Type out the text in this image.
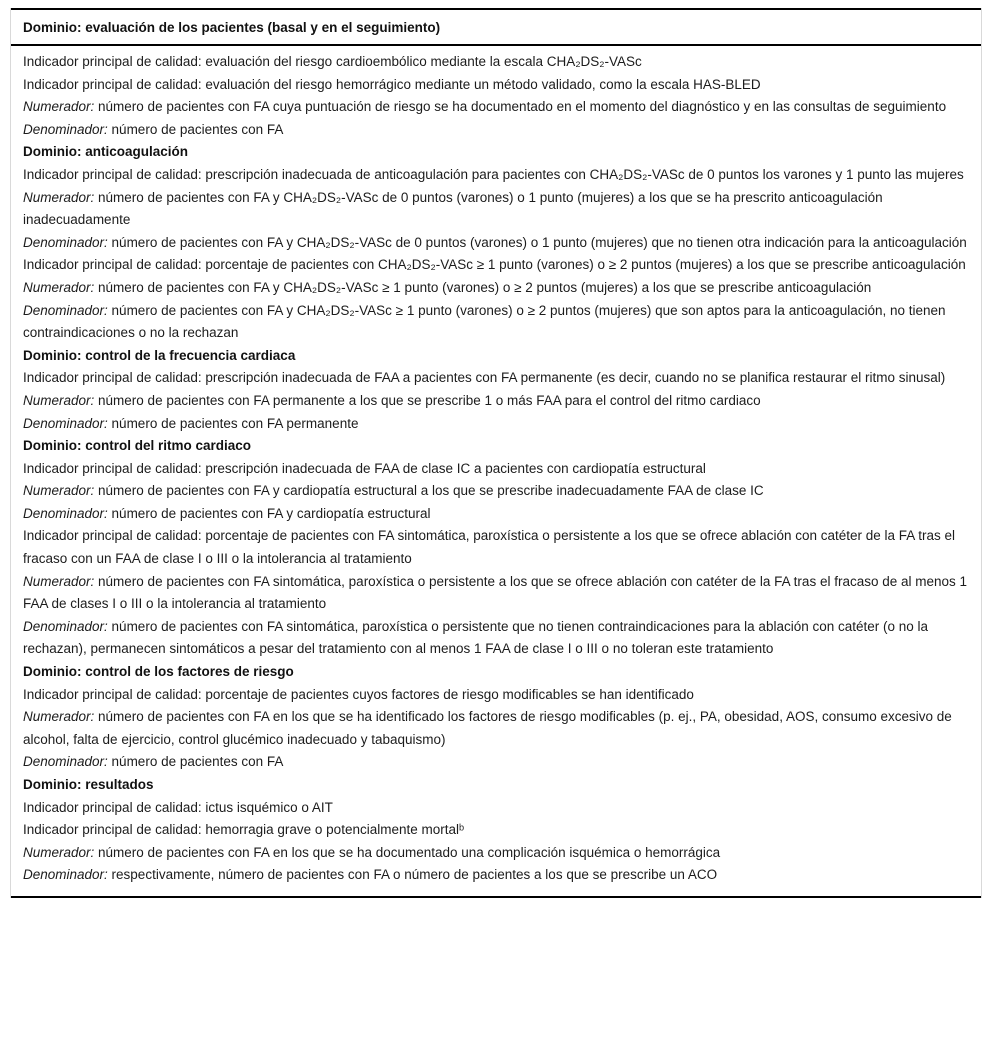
Dominio: evaluación de los pacientes (basal y en el seguimiento)

Indicador principal de calidad: evaluación del riesgo cardioembólico mediante la escala CHA₂DS₂-VASc

Indicador principal de calidad: evaluación del riesgo hemorrágico mediante un método validado, como la escala HAS-BLED

Numerador: número de pacientes con FA cuya puntuación de riesgo se ha documentado en el momento del diagnóstico y en las consultas de seguimiento

Denominador: número de pacientes con FA

Dominio: anticoagulación

Indicador principal de calidad: prescripción inadecuada de anticoagulación para pacientes con CHA₂DS₂-VASc de 0 puntos los varones y 1 punto las mujeres

Numerador: número de pacientes con FA y CHA₂DS₂-VASc de 0 puntos (varones) o 1 punto (mujeres) a los que se ha prescrito anticoagulación inadecuadamente

Denominador: número de pacientes con FA y CHA₂DS₂-VASc de 0 puntos (varones) o 1 punto (mujeres) que no tienen otra indicación para la anticoagulación

Indicador principal de calidad: porcentaje de pacientes con CHA₂DS₂-VASc ≥ 1 punto (varones) o ≥ 2 puntos (mujeres) a los que se prescribe anticoagulación

Numerador: número de pacientes con FA y CHA₂DS₂-VASc ≥ 1 punto (varones) o ≥ 2 puntos (mujeres) a los que se prescribe anticoagulación

Denominador: número de pacientes con FA y CHA₂DS₂-VASc ≥ 1 punto (varones) o ≥ 2 puntos (mujeres) que son aptos para la anticoagulación, no tienen contraindicaciones o no la rechazan

Dominio: control de la frecuencia cardiaca

Indicador principal de calidad: prescripción inadecuada de FAA a pacientes con FA permanente (es decir, cuando no se planifica restaurar el ritmo sinusal)

Numerador: número de pacientes con FA permanente a los que se prescribe 1 o más FAA para el control del ritmo cardiaco

Denominador: número de pacientes con FA permanente

Dominio: control del ritmo cardiaco

Indicador principal de calidad: prescripción inadecuada de FAA de clase IC a pacientes con cardiopatía estructural

Numerador: número de pacientes con FA y cardiopatía estructural a los que se prescribe inadecuadamente FAA de clase IC

Denominador: número de pacientes con FA y cardiopatía estructural

Indicador principal de calidad: porcentaje de pacientes con FA sintomática, paroxística o persistente a los que se ofrece ablación con catéter de la FA tras el fracaso con un FAA de clase I o III o la intolerancia al tratamiento

Numerador: número de pacientes con FA sintomática, paroxística o persistente a los que se ofrece ablación con catéter de la FA tras el fracaso de al menos 1 FAA de clases I o III o la intolerancia al tratamiento

Denominador: número de pacientes con FA sintomática, paroxística o persistente que no tienen contraindicaciones para la ablación con catéter (o no la rechazan), permanecen sintomáticos a pesar del tratamiento con al menos 1 FAA de clase I o III o no toleran este tratamiento

Dominio: control de los factores de riesgo

Indicador principal de calidad: porcentaje de pacientes cuyos factores de riesgo modificables se han identificado

Numerador: número de pacientes con FA en los que se ha identificado los factores de riesgo modificables (p. ej., PA, obesidad, AOS, consumo excesivo de alcohol, falta de ejercicio, control glucémico inadecuado y tabaquismo)

Denominador: número de pacientes con FA

Dominio: resultados

Indicador principal de calidad: ictus isquémico o AIT

Indicador principal de calidad: hemorragia grave o potencialmente mortalᵇ

Numerador: número de pacientes con FA en los que se ha documentado una complicación isquémica o hemorrágica

Denominador: respectivamente, número de pacientes con FA o número de pacientes a los que se prescribe un ACO
